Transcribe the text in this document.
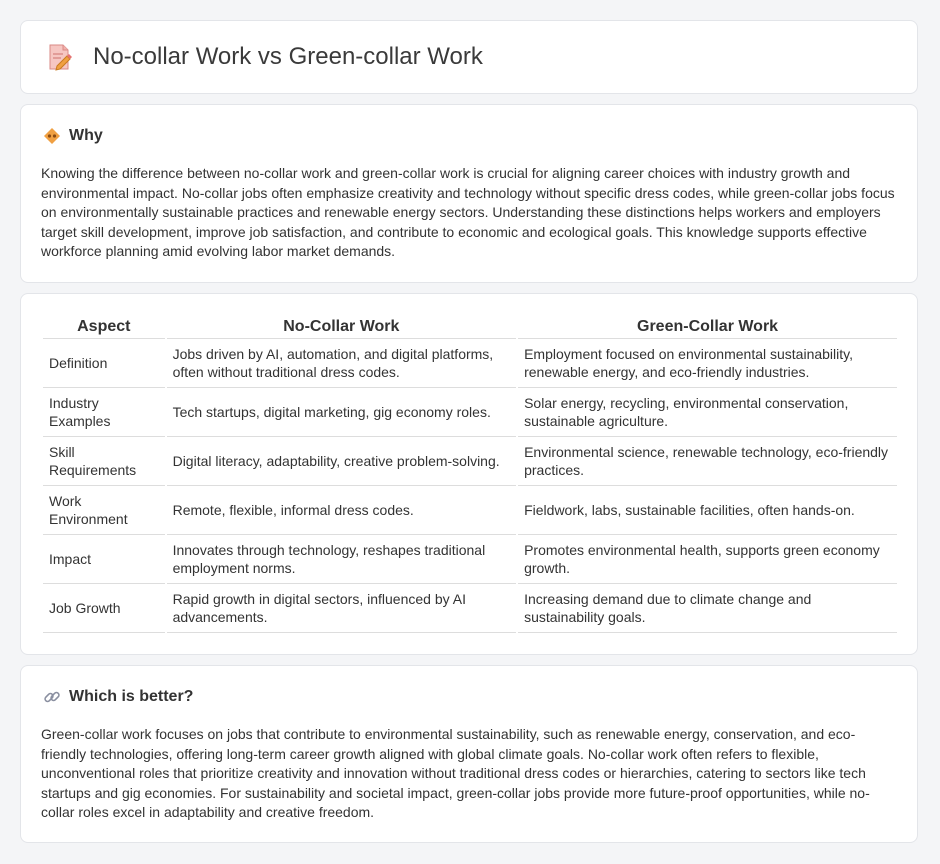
No-collar Work vs Green-collar Work
Why

Knowing the difference between no-collar work and green-collar work is crucial for aligning career choices with industry growth and environmental impact. No-collar jobs often emphasize creativity and technology without specific dress codes, while green-collar jobs focus on environmentally sustainable practices and renewable energy sectors. Understanding these distinctions helps workers and employers target skill development, improve job satisfaction, and contribute to economic and ecological goals. This knowledge supports effective workforce planning amid evolving labor market demands.

Aspect	No-Collar Work	Green-Collar Work
Definition	Jobs driven by AI, automation, and digital platforms, often without traditional dress codes.	Employment focused on environmental sustainability, renewable energy, and eco-friendly industries.
Industry Examples	Tech startups, digital marketing, gig economy roles.	Solar energy, recycling, environmental conservation, sustainable agriculture.
Skill Requirements	Digital literacy, adaptability, creative problem-solving.	Environmental science, renewable technology, eco-friendly practices.
Work Environment	Remote, flexible, informal dress codes.	Fieldwork, labs, sustainable facilities, often hands-on.
Impact	Innovates through technology, reshapes traditional employment norms.	Promotes environmental health, supports green economy growth.
Job Growth	Rapid growth in digital sectors, influenced by AI advancements.	Increasing demand due to climate change and sustainability goals.
Which is better?

Green-collar work focuses on jobs that contribute to environmental sustainability, such as renewable energy, conservation, and eco-friendly technologies, offering long-term career growth aligned with global climate goals. No-collar work often refers to flexible, unconventional roles that prioritize creativity and innovation without traditional dress codes or hierarchies, catering to sectors like tech startups and gig economies. For sustainability and societal impact, green-collar jobs provide more future-proof opportunities, while no-collar roles excel in adaptability and creative freedom.
